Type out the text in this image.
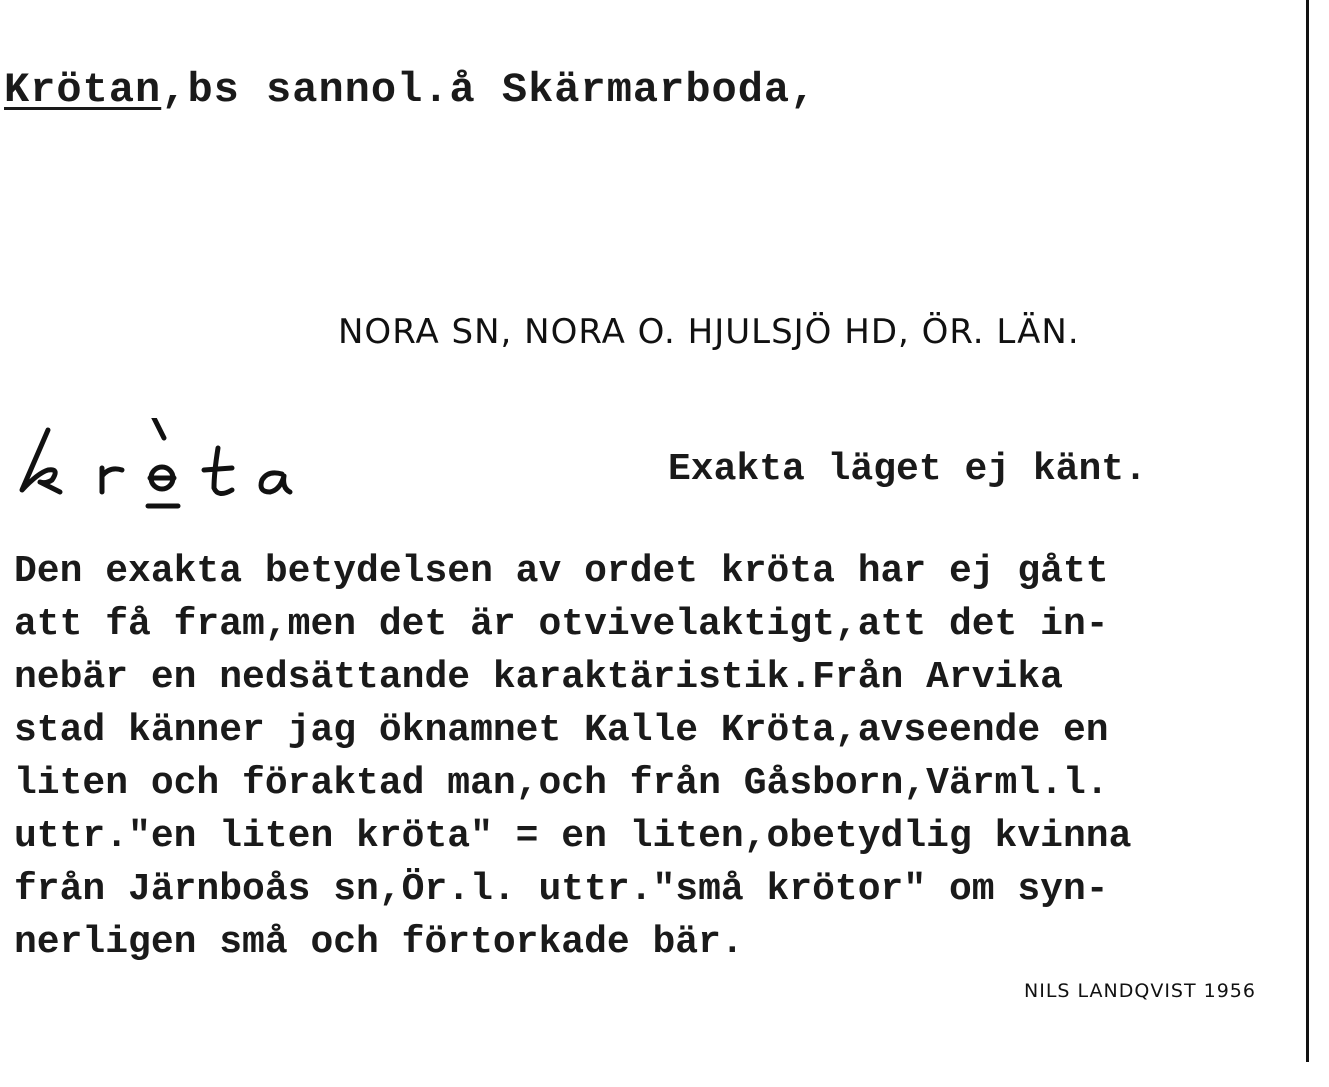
Krötan,bs sannol.å Skärmarboda,
NORA SN, NORA O. HJULSJÖ HD, ÖR. LÄN.
Exakta läget ej känt.
Den exakta betydelsen av ordet kröta har ej gått
att få fram,men det är otvivelaktigt,att det in-
nebär en nedsättande karaktäristik.Från Arvika
stad känner jag öknamnet Kalle Kröta,avseende en
liten och föraktad man,och från Gåsborn,Värml.l.
uttr."en liten kröta" = en liten,obetydlig kvinna
från Järnboås sn,Ör.l. uttr."små krötor" om syn-
nerligen små och förtorkade bär.
NILS LANDQVIST 1956
